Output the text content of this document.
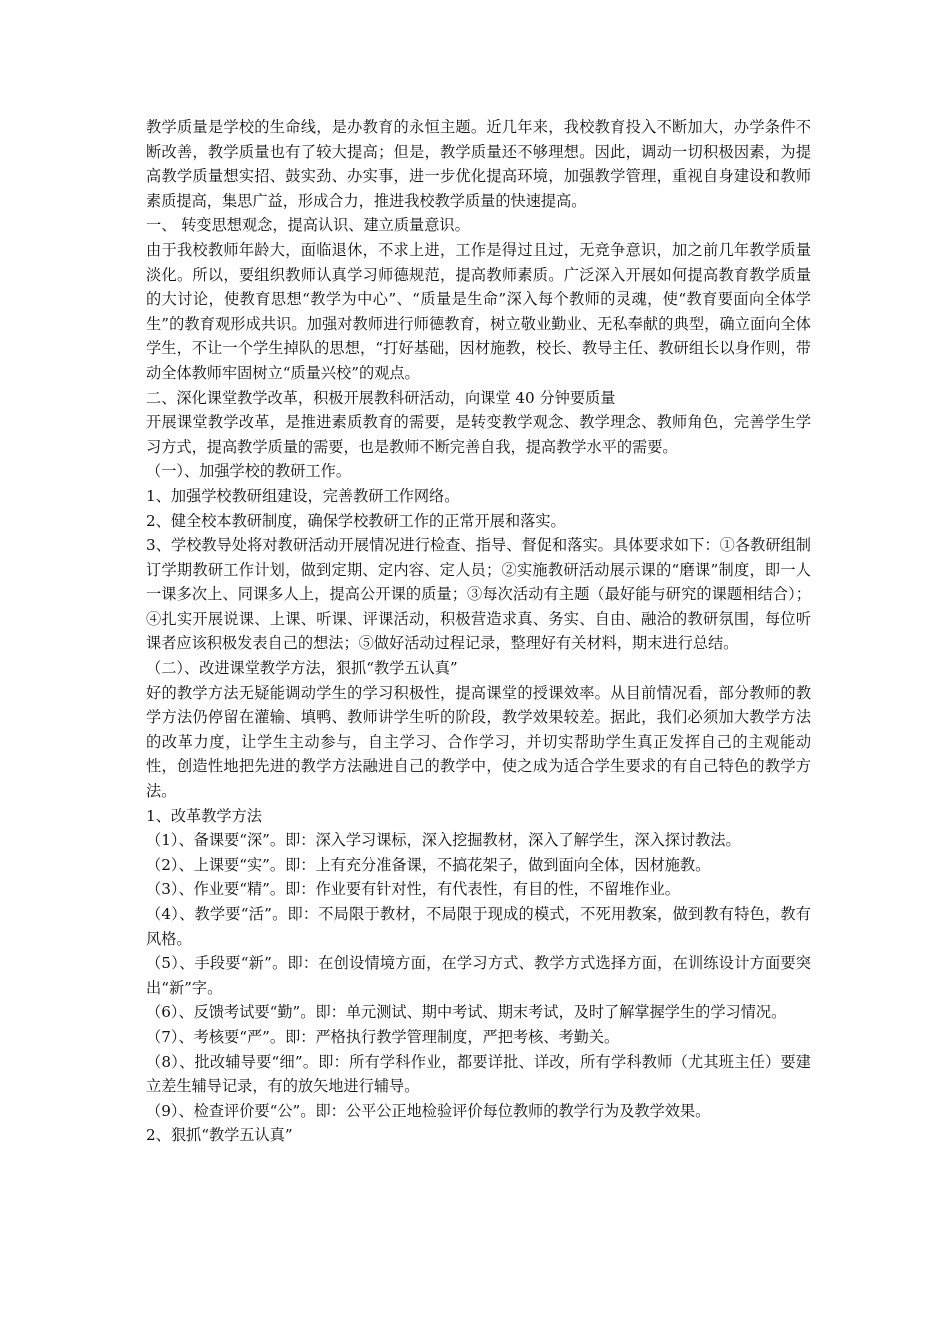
教学质量是学校的生命线，是办教育的永恒主题。近几年来，我校教育投入不断加大，办学条件不断改善，教学质量也有了较大提高；但是，教学质量还不够理想。因此，调动一切积极因素，为提高教学质量想实招、鼓实劲、办实事，进一步优化提高环境，加强教学管理，重视自身建设和教师素质提高，集思广益，形成合力，推进我校教学质量的快速提高。

一、 转变思想观念，提高认识、建立质量意识。

由于我校教师年龄大，面临退休，不求上进，工作是得过且过，无竞争意识，加之前几年教学质量淡化。所以，要组织教师认真学习师德规范，提高教师素质。广泛深入开展如何提高教育教学质量的大讨论，使教育思想“教学为中心”、“质量是生命”深入每个教师的灵魂，使“教育要面向全体学生”的教育观形成共识。加强对教师进行师德教育，树立敬业勤业、无私奉献的典型，确立面向全体学生，不让一个学生掉队的思想，“打好基础，因材施教，校长、教导主任、教研组长以身作则，带动全体教师牢固树立“质量兴校”的观点。

二、深化课堂教学改革，积极开展教科研活动，向课堂 40 分钟要质量

开展课堂教学改革，是推进素质教育的需要，是转变教学观念、教学理念、教师角色，完善学生学习方式，提高教学质量的需要，也是教师不断完善自我，提高教学水平的需要。

（一）、加强学校的教研工作。

1、加强学校教研组建设，完善教研工作网络。

2、健全校本教研制度，确保学校教研工作的正常开展和落实。

3、学校教导处将对教研活动开展情况进行检查、指导、督促和落实。具体要求如下：①各教研组制订学期教研工作计划，做到定期、定内容、定人员；②实施教研活动展示课的“磨课”制度，即一人一课多次上、同课多人上，提高公开课的质量；③每次活动有主题（最好能与研究的课题相结合）；④扎实开展说课、上课、听课、评课活动，积极营造求真、务实、自由、融洽的教研氛围，每位听课者应该积极发表自己的想法；⑤做好活动过程记录，整理好有关材料，期末进行总结。

（二）、改进课堂教学方法，狠抓“教学五认真”

好的教学方法无疑能调动学生的学习积极性，提高课堂的授课效率。从目前情况看，部分教师的教学方法仍停留在灌输、填鸭、教师讲学生听的阶段，教学效果较差。据此，我们必须加大教学方法的改革力度，让学生主动参与，自主学习、合作学习，并切实帮助学生真正发挥自己的主观能动性，创造性地把先进的教学方法融进自己的教学中，使之成为适合学生要求的有自己特色的教学方法。

1、改革教学方法

（1）、备课要“深”。即：深入学习课标，深入挖掘教材，深入了解学生，深入探讨教法。

（2）、上课要“实”。即：上有充分准备课，不搞花架子，做到面向全体，因材施教。

（3）、作业要“精”。即：作业要有针对性，有代表性，有目的性，不留堆作业。

（4）、教学要“活”。即：不局限于教材，不局限于现成的模式，不死用教案，做到教有特色，教有风格。

（5）、手段要“新”。即：在创设情境方面，在学习方式、教学方式选择方面，在训练设计方面要突出“新”字。

（6）、反馈考试要“勤”。即：单元测试、期中考试、期末考试，及时了解掌握学生的学习情况。

（7）、考核要“严”。即：严格执行教学管理制度，严把考核、考勤关。

（8）、批改辅导要“细”。即：所有学科作业，都要详批、详改，所有学科教师（尤其班主任）要建立差生辅导记录，有的放矢地进行辅导。

（9）、检查评价要“公”。即：公平公正地检验评价每位教师的教学行为及教学效果。

2、狠抓“教学五认真”
